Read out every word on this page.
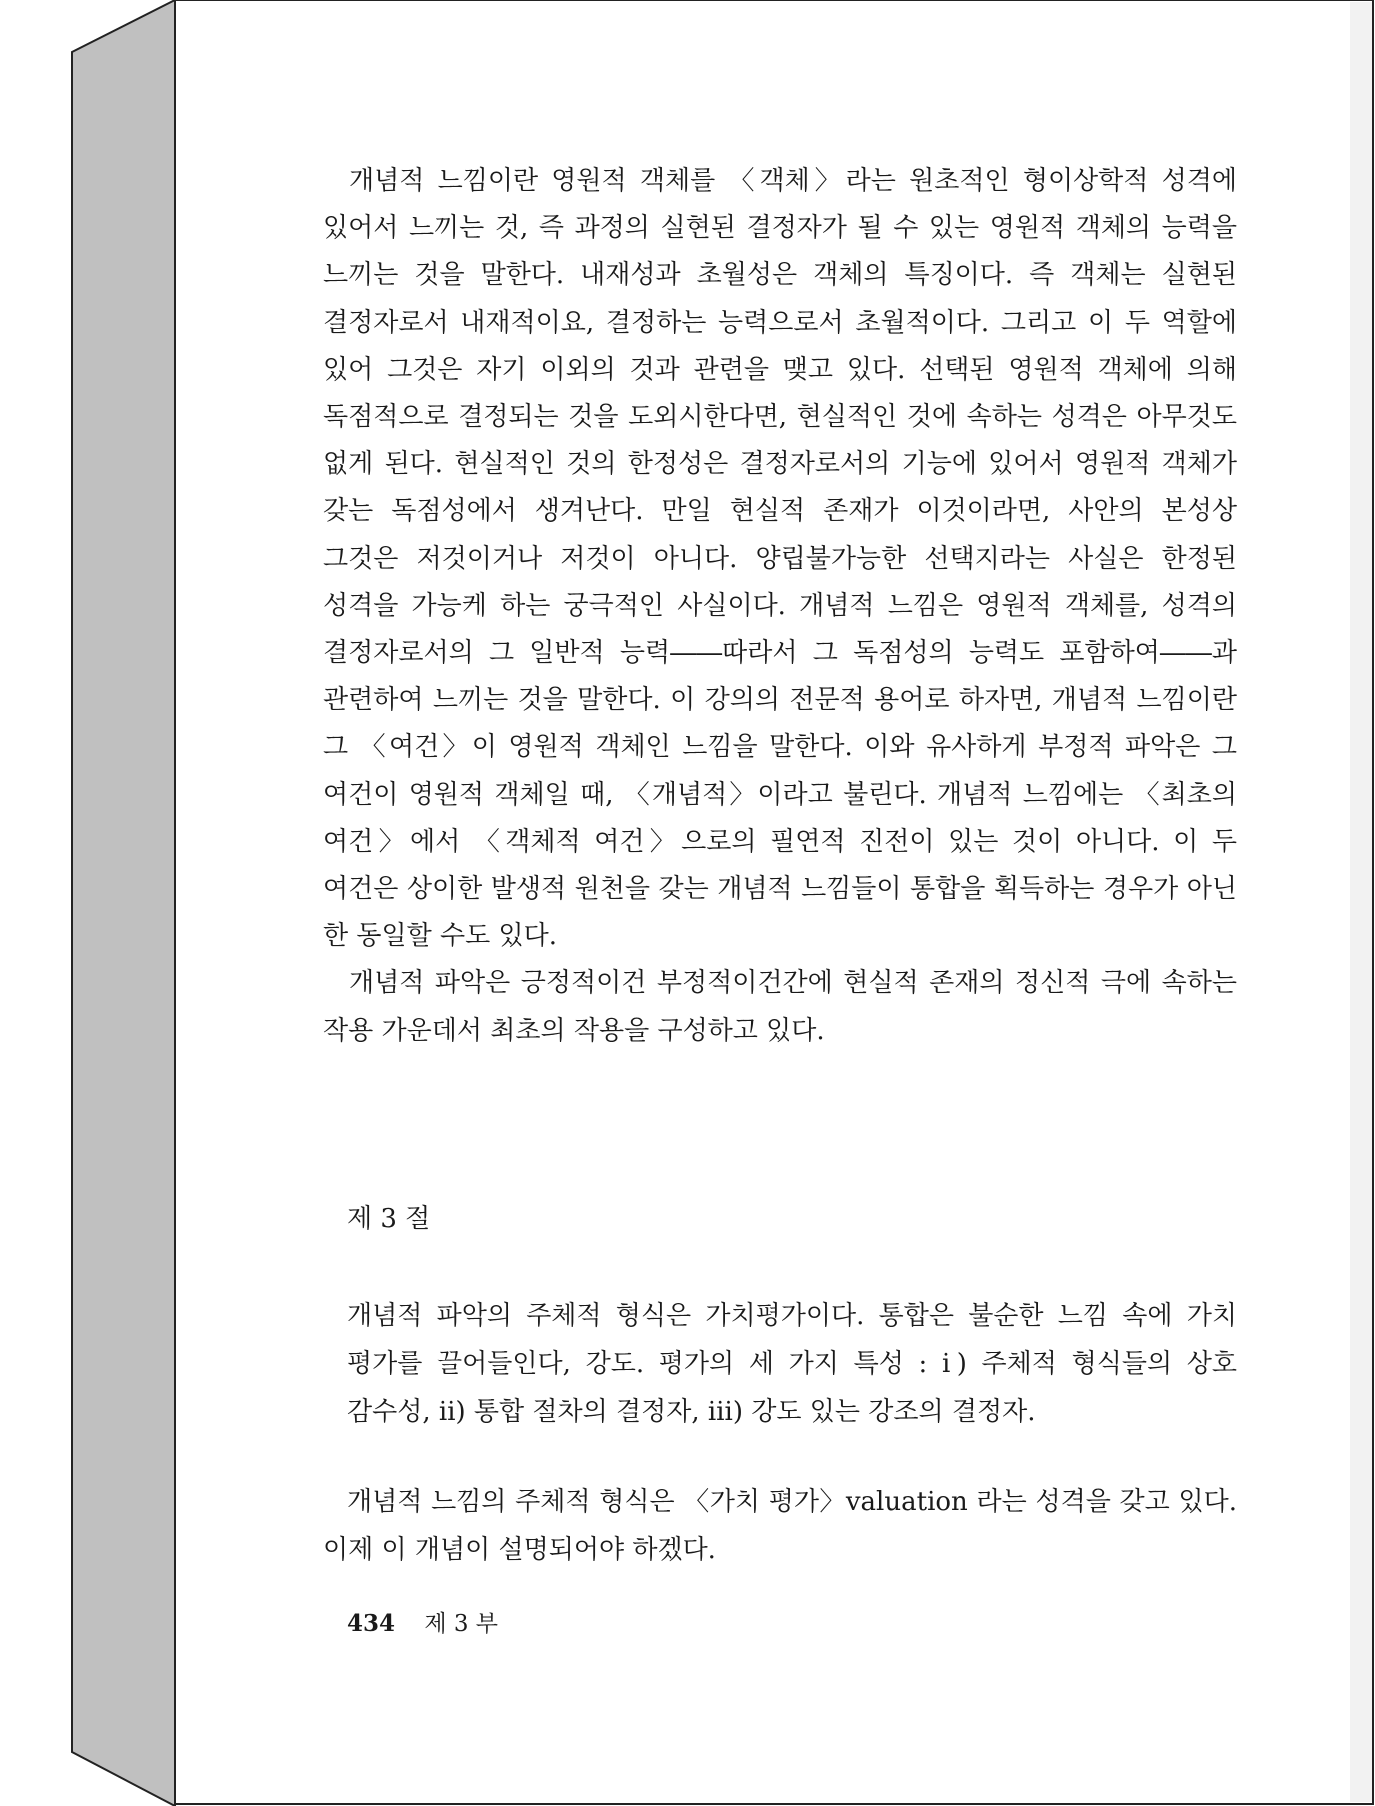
개념적 느낌이란 영원적 객체를 〈객체〉라는 원초적인 형이상학적 성격에 있어서 느끼는 것, 즉 과정의 실현된 결정자가 될 수 있는 영원적 객체의 능력을 느끼는 것을 말한다. 내재성과 초월성은 객체의 특징이다. 즉 객체는 실현된 결정자로서 내재적이요, 결정하는 능력으로서 초월적이다. 그리고 이 두 역할에 있어 그것은 자기 이외의 것과 관련을 맺고 있다. 선택된 영원적 객체에 의해 독점적으로 결정되는 것을 도외시한다면, 현실적인 것에 속하는 성격은 아무것도 없게 된다. 현실적인 것의 한정성은 결정자로서의 기능에 있어서 영원적 객체가 갖는 독점성에서 생겨난다. 만일 현실적 존재가 이것이라면, 사안의 본성상 그것은 저것이거나 저것이 아니다. 양립불가능한 선택지라는 사실은 한정된 성격을 가능케 하는 궁극적인 사실이다. 개념적 느낌은 영원적 객체를, 성격의 결정자로서의 그 일반적 능력――따라서 그 독점성의 능력도 포함하여――과 관련하여 느끼는 것을 말한다. 이 강의의 전문적 용어로 하자면, 개념적 느낌이란 그 〈여건〉이 영원적 객체인 느낌을 말한다. 이와 유사하게 부정적 파악은 그 여건이 영원적 객체일 때, 〈개념적〉이라고 불린다. 개념적 느낌에는 〈최초의 여건〉에서 〈객체적 여건〉으로의 필연적 진전이 있는 것이 아니다. 이 두 여건은 상이한 발생적 원천을 갖는 개념적 느낌들이 통합을 획득하는 경우가 아닌 한 동일할 수도 있다.

개념적 파악은 긍정적이건 부정적이건간에 현실적 존재의 정신적 극에 속하는 작용 가운데서 최초의 작용을 구성하고 있다.

제 3 절
개념적 파악의 주체적 형식은 가치평가이다. 통합은 불순한 느낌 속에 가치 평가를 끌어들인다, 강도. 평가의 세 가지 특성 : ⅰ) 주체적 형식들의 상호 감수성, ⅱ) 통합 절차의 결정자, ⅲ) 강도 있는 강조의 결정자.
개념적 느낌의 주체적 형식은 〈가치 평가〉valuation 라는 성격을 갖고 있다. 이제 이 개념이 설명되어야 하겠다.
434 제 3 부
